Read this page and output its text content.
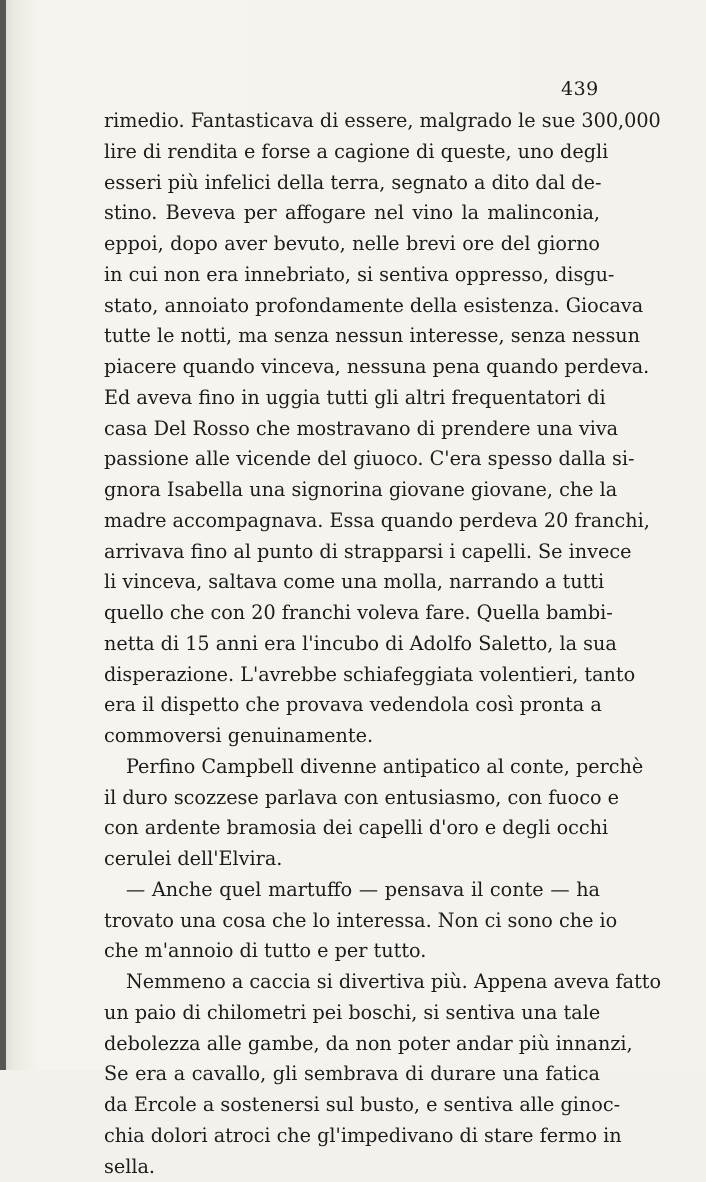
439
rimedio. Fantasticava di essere, malgrado le sue 300,000
lire di rendita e forse a cagione di queste, uno degli
esseri più infelici della terra, segnato a dito dal de-
stino. Beveva per affogare nel vino la malinconia,
eppoi, dopo aver bevuto, nelle brevi ore del giorno
in cui non era innebriato, si sentiva oppresso, disgu-
stato, annoiato profondamente della esistenza. Giocava
tutte le notti, ma senza nessun interesse, senza nessun
piacere quando vinceva, nessuna pena quando perdeva.
Ed aveva fino in uggia tutti gli altri frequentatori di
casa Del Rosso che mostravano di prendere una viva
passione alle vicende del giuoco. C'era spesso dalla si-
gnora Isabella una signorina giovane giovane, che la
madre accompagnava. Essa quando perdeva 20 franchi,
arrivava fino al punto di strapparsi i capelli. Se invece
li vinceva, saltava come una molla, narrando a tutti
quello che con 20 franchi voleva fare. Quella bambi-
netta di 15 anni era l'incubo di Adolfo Saletto, la sua
disperazione. L'avrebbe schiafeggiata volentieri, tanto
era il dispetto che provava vedendola così pronta a
commoversi genuinamente.
Perfino Campbell divenne antipatico al conte, perchè
il duro scozzese parlava con entusiasmo, con fuoco e
con ardente bramosia dei capelli d'oro e degli occhi
cerulei dell'Elvira.
— Anche quel martuffo — pensava il conte — ha
trovato una cosa che lo interessa. Non ci sono che io
che m'annoio di tutto e per tutto.
Nemmeno a caccia si divertiva più. Appena aveva fatto
un paio di chilometri pei boschi, si sentiva una tale
debolezza alle gambe, da non poter andar più innanzi,
Se era a cavallo, gli sembrava di durare una fatica
da Ercole a sostenersi sul busto, e sentiva alle ginoc-
chia dolori atroci che gl'impedivano di stare fermo in
sella.
